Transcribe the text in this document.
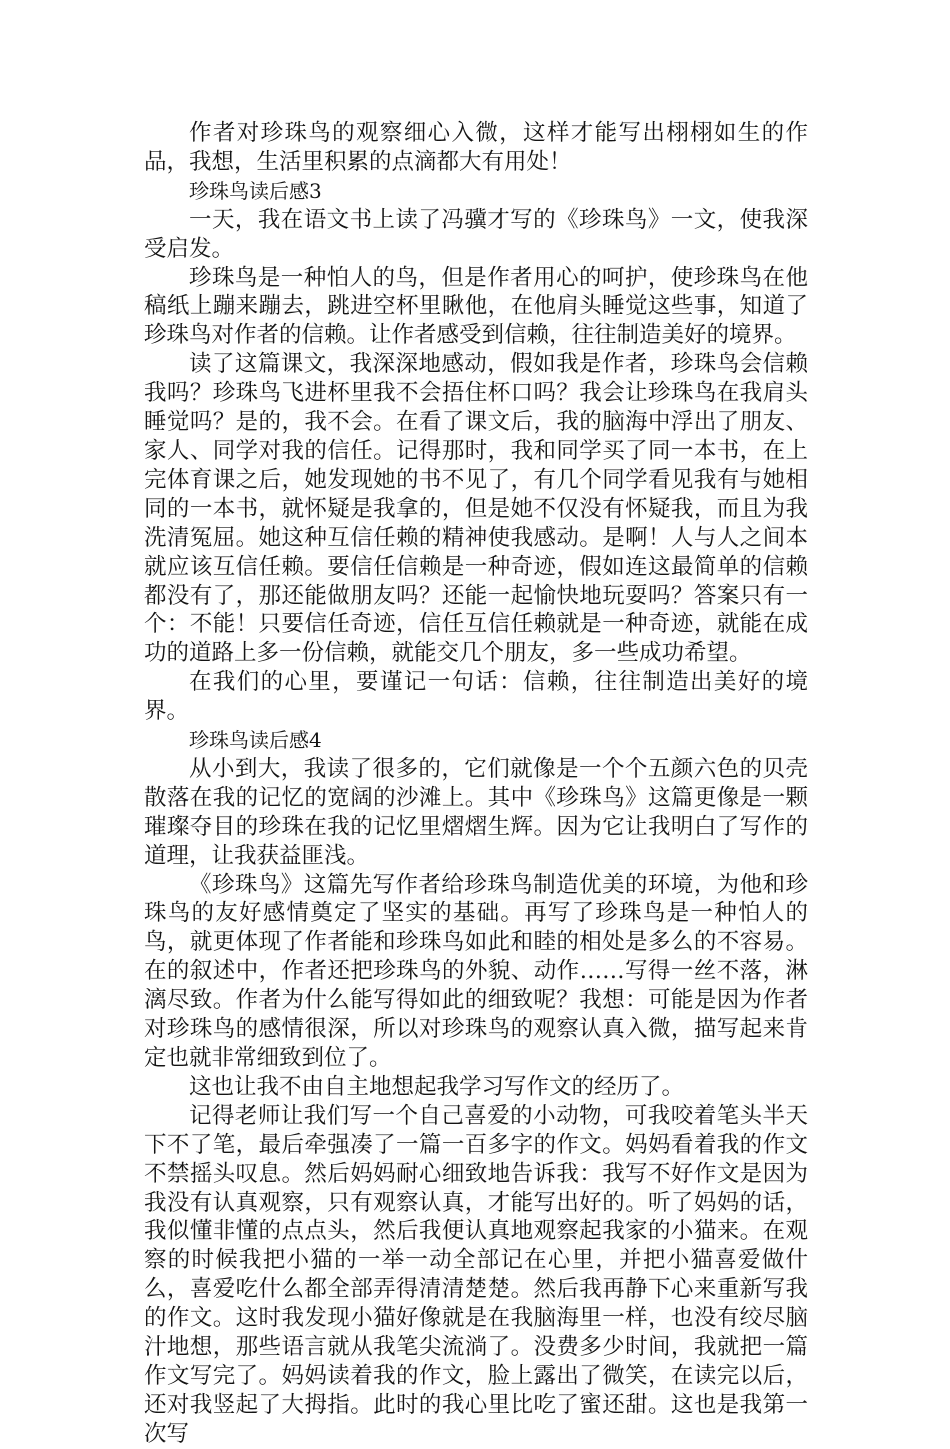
作者对珍珠鸟的观察细心入微，这样才能写出栩栩如生的作品，我想，生活里积累的点滴都大有用处！

珍珠鸟读后感3

一天，我在语文书上读了冯骥才写的《珍珠鸟》一文，使我深受启发。

珍珠鸟是一种怕人的鸟，但是作者用心的呵护，使珍珠鸟在他稿纸上蹦来蹦去，跳进空杯里瞅他，在他肩头睡觉这些事，知道了珍珠鸟对作者的信赖。让作者感受到信赖，往往制造美好的境界。

读了这篇课文，我深深地感动，假如我是作者，珍珠鸟会信赖我吗？珍珠鸟飞进杯里我不会捂住杯口吗？我会让珍珠鸟在我肩头睡觉吗？是的，我不会。在看了课文后，我的脑海中浮出了朋友、家人、同学对我的信任。记得那时，我和同学买了同一本书，在上完体育课之后，她发现她的书不见了，有几个同学看见我有与她相同的一本书，就怀疑是我拿的，但是她不仅没有怀疑我，而且为我洗清冤屈。她这种互信任赖的精神使我感动。是啊！人与人之间本就应该互信任赖。要信任信赖是一种奇迹，假如连这最简单的信赖都没有了，那还能做朋友吗？还能一起愉快地玩耍吗？答案只有一个：不能！只要信任奇迹，信任互信任赖就是一种奇迹，就能在成功的道路上多一份信赖，就能交几个朋友，多一些成功希望。

在我们的心里，要谨记一句话：信赖，往往制造出美好的境界。

珍珠鸟读后感4

从小到大，我读了很多的，它们就像是一个个五颜六色的贝壳散落在我的记忆的宽阔的沙滩上。其中《珍珠鸟》这篇更像是一颗璀璨夺目的珍珠在我的记忆里熠熠生辉。因为它让我明白了写作的道理，让我获益匪浅。

《珍珠鸟》这篇先写作者给珍珠鸟制造优美的环境，为他和珍珠鸟的友好感情奠定了坚实的基础。再写了珍珠鸟是一种怕人的鸟，就更体现了作者能和珍珠鸟如此和睦的相处是多么的不容易。在的叙述中，作者还把珍珠鸟的外貌、动作……写得一丝不落，淋漓尽致。作者为什么能写得如此的细致呢？我想：可能是因为作者对珍珠鸟的感情很深，所以对珍珠鸟的观察认真入微，描写起来肯定也就非常细致到位了。

这也让我不由自主地想起我学习写作文的经历了。

记得老师让我们写一个自己喜爱的小动物，可我咬着笔头半天下不了笔，最后牵强凑了一篇一百多字的作文。妈妈看着我的作文不禁摇头叹息。然后妈妈耐心细致地告诉我：我写不好作文是因为我没有认真观察，只有观察认真，才能写出好的。听了妈妈的话，我似懂非懂的点点头，然后我便认真地观察起我家的小猫来。在观察的时候我把小猫的一举一动全部记在心里，并把小猫喜爱做什么，喜爱吃什么都全部弄得清清楚楚。然后我再静下心来重新写我的作文。这时我发现小猫好像就是在我脑海里一样，也没有绞尽脑汁地想，那些语言就从我笔尖流淌了。没费多少时间，我就把一篇作文写完了。妈妈读着我的作文，脸上露出了微笑，在读完以后，还对我竖起了大拇指。此时的我心里比吃了蜜还甜。这也是我第一次写
